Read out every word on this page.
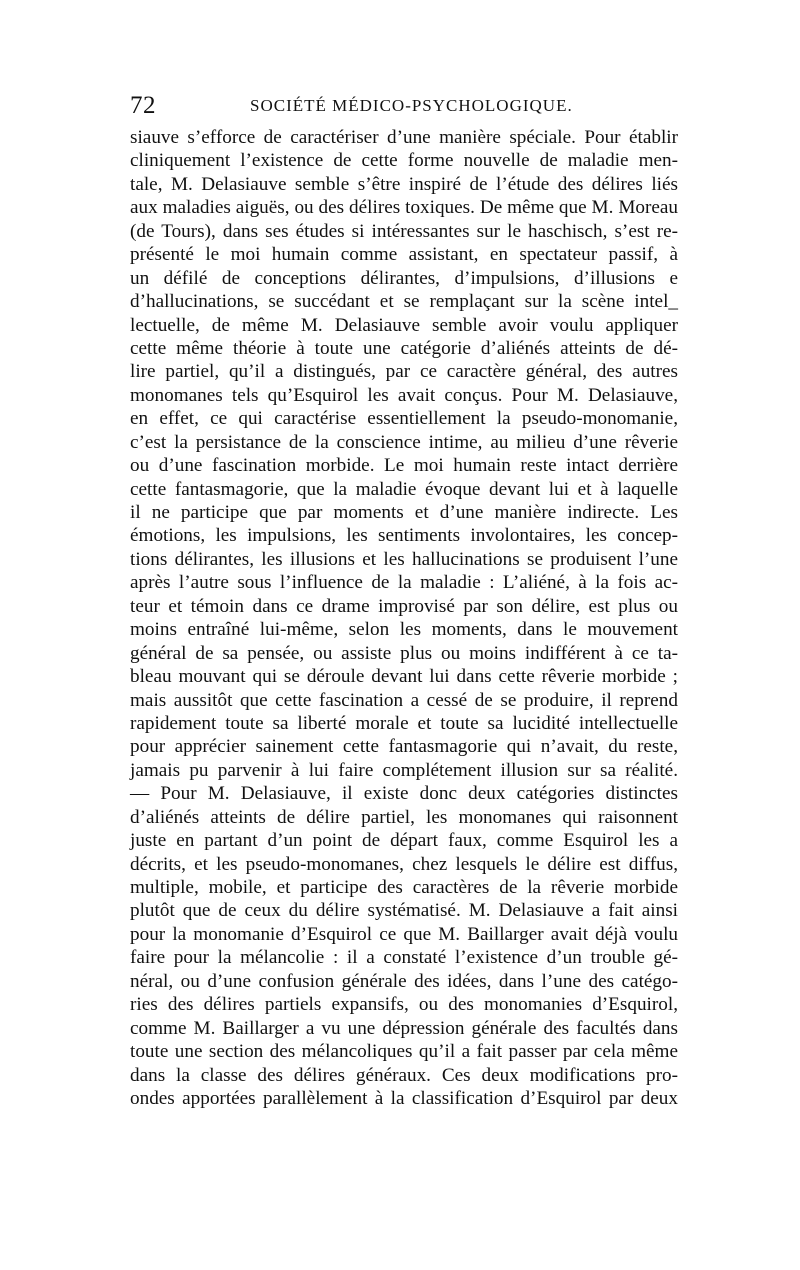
72	SOCIÉTÉ MÉDICO-PSYCHOLOGIQUE.
siauve s’efforce de caractériser d’une manière spéciale. Pour établir
cliniquement l’existence de cette forme nouvelle de maladie men-
tale, M. Delasiauve semble s’être inspiré de l’étude des délires liés
aux maladies aiguës, ou des délires toxiques. De même que M. Moreau
(de Tours), dans ses études si intéressantes sur le haschisch, s’est re-
présenté le moi humain comme assistant, en spectateur passif, à
un défilé de conceptions délirantes, d’impulsions, d’illusions e
d’hallucinations, se succédant et se remplaçant sur la scène intel_
lectuelle, de même M. Delasiauve semble avoir voulu appliquer
cette même théorie à toute une catégorie d’aliénés atteints de dé-
lire partiel, qu’il a distingués, par ce caractère général, des autres
monomanes tels qu’Esquirol les avait conçus. Pour M. Delasiauve,
en effet, ce qui caractérise essentiellement la pseudo-monomanie,
c’est la persistance de la conscience intime, au milieu d’une rêverie
ou d’une fascination morbide. Le moi humain reste intact derrière
cette fantasmagorie, que la maladie évoque devant lui et à laquelle
il ne participe que par moments et d’une manière indirecte. Les
émotions, les impulsions, les sentiments involontaires, les concep-
tions délirantes, les illusions et les hallucinations se produisent l’une
après l’autre sous l’influence de la maladie : L’aliéné, à la fois ac-
teur et témoin dans ce drame improvisé par son délire, est plus ou
moins entraîné lui-même, selon les moments, dans le mouvement
général de sa pensée, ou assiste plus ou moins indifférent à ce ta-
bleau mouvant qui se déroule devant lui dans cette rêverie morbide ;
mais aussitôt que cette fascination a cessé de se produire, il reprend
rapidement toute sa liberté morale et toute sa lucidité intellectuelle
pour apprécier sainement cette fantasmagorie qui n’avait, du reste,
jamais pu parvenir à lui faire complétement illusion sur sa réalité.
— Pour M. Delasiauve, il existe donc deux catégories distinctes
d’aliénés atteints de délire partiel, les monomanes qui raisonnent
juste en partant d’un point de départ faux, comme Esquirol les a
décrits, et les pseudo-monomanes, chez lesquels le délire est diffus,
multiple, mobile, et participe des caractères de la rêverie morbide
plutôt que de ceux du délire systématisé. M. Delasiauve a fait ainsi
pour la monomanie d’Esquirol ce que M. Baillarger avait déjà voulu
faire pour la mélancolie : il a constaté l’existence d’un trouble gé-
néral, ou d’une confusion générale des idées, dans l’une des catégo-
ries des délires partiels expansifs, ou des monomanies d’Esquirol,
comme M. Baillarger a vu une dépression générale des facultés dans
toute une section des mélancoliques qu’il a fait passer par cela même
dans la classe des délires généraux. Ces deux modifications pro-
ondes apportées parallèlement à la classification d’Esquirol par deux
